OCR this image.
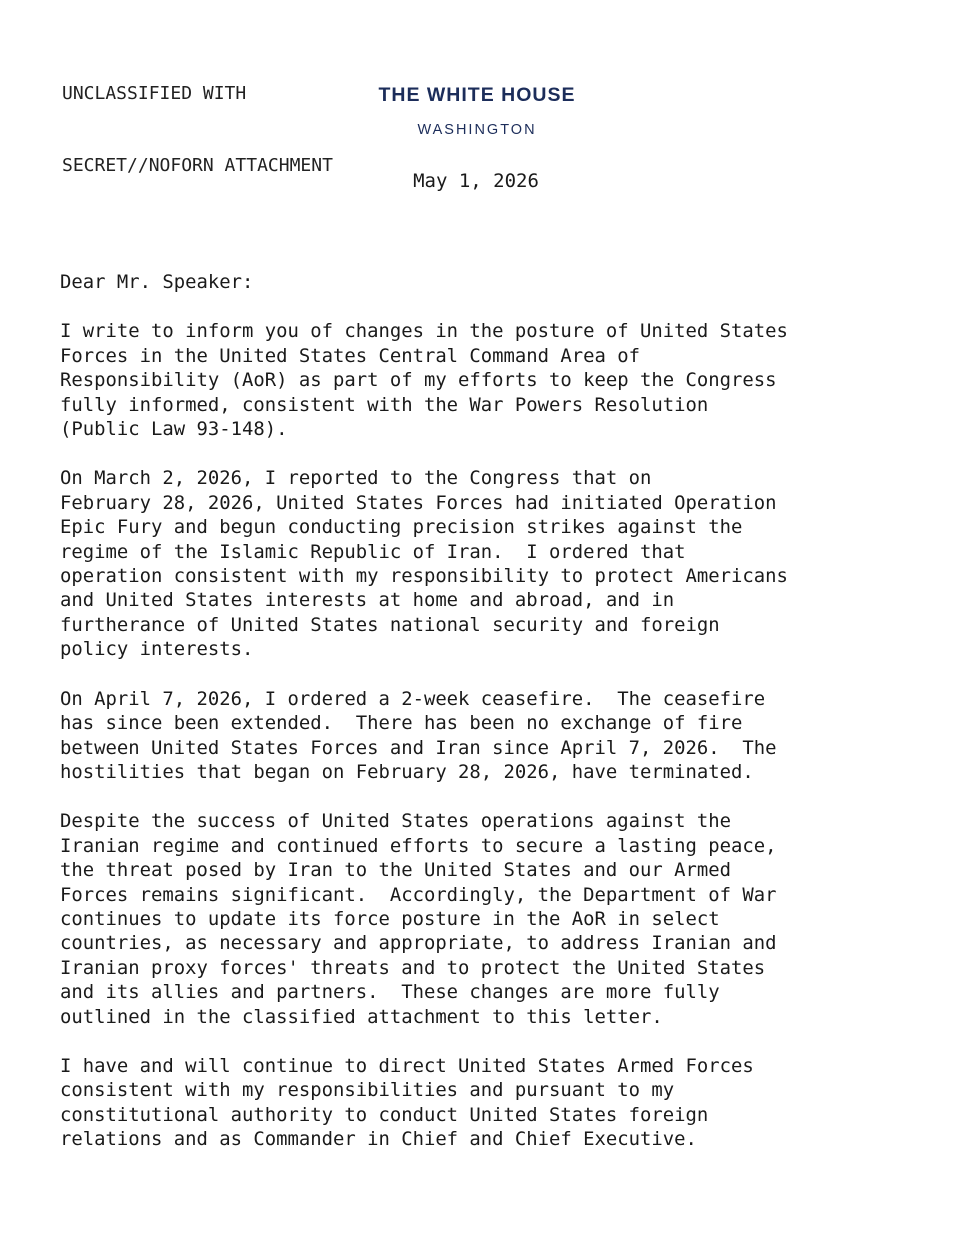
UNCLASSIFIED WITH

SECRET//NOFORN ATTACHMENT

THE WHITE HOUSE
WASHINGTON
May 1, 2026
Dear Mr. Speaker:
I write to inform you of changes in the posture of United States
Forces in the United States Central Command Area of
Responsibility (AoR) as part of my efforts to keep the Congress
fully informed, consistent with the War Powers Resolution
(Public Law 93-148).
On March 2, 2026, I reported to the Congress that on
February 28, 2026, United States Forces had initiated Operation
Epic Fury and begun conducting precision strikes against the
regime of the Islamic Republic of Iran.  I ordered that
operation consistent with my responsibility to protect Americans
and United States interests at home and abroad, and in
furtherance of United States national security and foreign
policy interests.
On April 7, 2026, I ordered a 2-week ceasefire.  The ceasefire
has since been extended.  There has been no exchange of fire
between United States Forces and Iran since April 7, 2026.  The
hostilities that began on February 28, 2026, have terminated.
Despite the success of United States operations against the
Iranian regime and continued efforts to secure a lasting peace,
the threat posed by Iran to the United States and our Armed
Forces remains significant.  Accordingly, the Department of War
continues to update its force posture in the AoR in select
countries, as necessary and appropriate, to address Iranian and
Iranian proxy forces' threats and to protect the United States
and its allies and partners.  These changes are more fully
outlined in the classified attachment to this letter.
I have and will continue to direct United States Armed Forces
consistent with my responsibilities and pursuant to my
constitutional authority to conduct United States foreign
relations and as Commander in Chief and Chief Executive.
